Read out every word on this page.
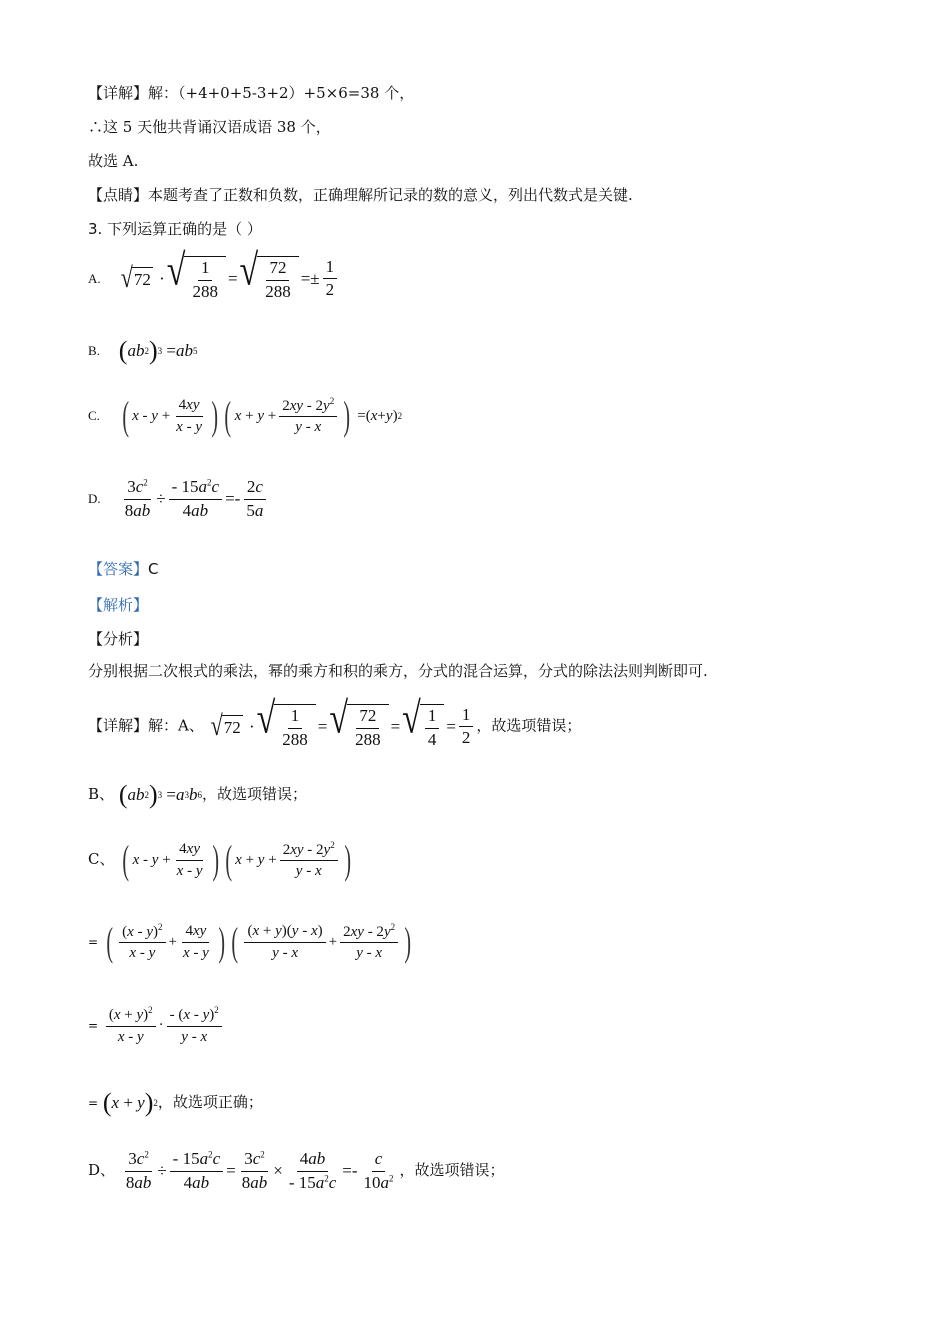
【详解】解：（+4+0+5-3+2）+5×6=38 个，
∴这 5 天他共背诵汉语成语 38 个，
故选 A.
【点睛】本题考查了正数和负数，正确理解所记录的数的意义，列出代数式是关键.
3. 下列运算正确的是（ ）
A. √ 72 · √ $\frac{1}{288}$ = √ $\frac{72}{288} =\pm \frac{1}{2}$
B. ( ab 2 ) 3 = ab 5
C. ( $x - y + \frac{4xy}{x - y}$ ) ( $x + y + \frac{2xy - 2y^2}{y - x}$ ) =( x + y ) 2
D. $\frac{3c^2}{8ab} \div \frac{- 15a^2c}{4ab} =- \frac{2c}{5a}$
【答案】C
【解析】
【分析】
分别根据二次根式的乘法，幂的乘方和积的乘方，分式的混合运算，分式的除法法则判断即可.
【详解】解：A、 √ 72 · √ $\frac{1}{288}$ = √ $\frac{72}{288}$ = √ $\frac{1}{4} = \frac{1}{2}$ ，故选项错误；
B、 ( ab 2 ) 3 = a 3 b 6 ，故选项错误；
C、 ( $x - y + \frac{4xy}{x - y}$ ) ( $x + y + \frac{2xy - 2y^2}{y - x}$ )
= ( $\frac{(x - y)^2}{x - y} + \frac{4xy}{x - y}$ ) ( $\frac{(x + y)(y - x)}{y - x} + \frac{2xy - 2y^2}{y - x}$ )
= $\frac{(x + y)^2}{x - y} \cdot \frac{- (x - y)^2}{y - x}$
= ( x + y ) 2 ，故选项正确；
D、 $\frac{3c^2}{8ab} \div \frac{- 15a^2c}{4ab} = \frac{3c^2}{8ab} \times \frac{4ab}{- 15a^2c} =- \frac{c}{10a^2}$ ，故选项错误；
